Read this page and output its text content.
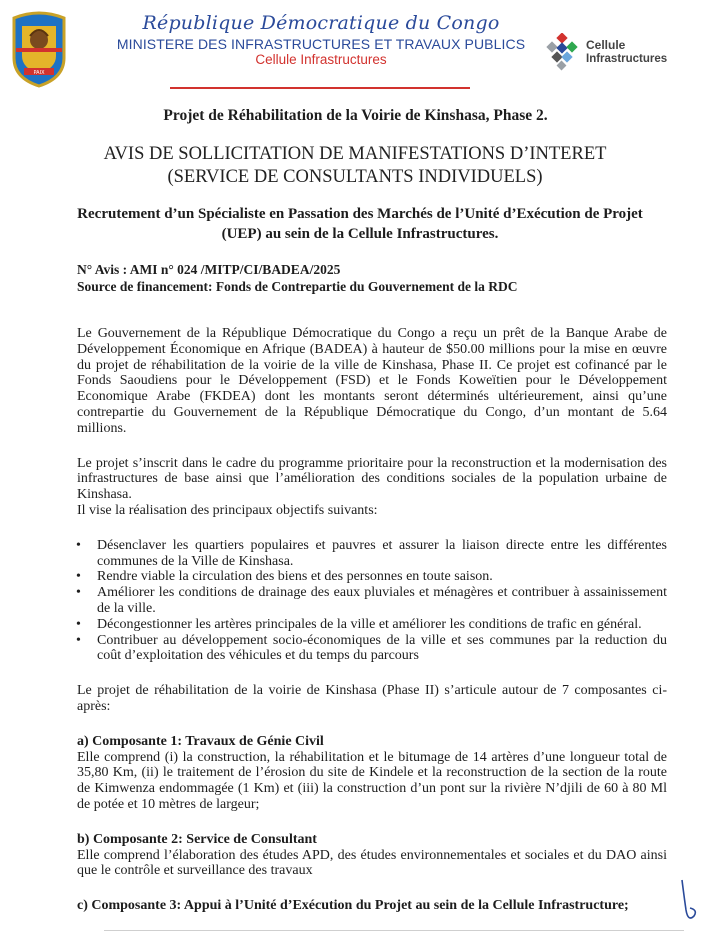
PAIX
République Démocratique du Congo
MINISTERE DES INFRASTRUCTURES ET TRAVAUX PUBLICS
Cellule Infrastructures
Cellule
Infrastructures
Projet de Réhabilitation de la Voirie de Kinshasa, Phase 2.
AVIS DE SOLLICITATION DE MANIFESTATIONS D’INTERET
(SERVICE DE CONSULTANTS INDIVIDUELS)
Recrutement d’un Spécialiste en Passation des Marchés de l’Unité d’Exécution de Projet (UEP) au sein de la Cellule Infrastructures.
N° Avis : AMI n° 024 /MITP/CI/BADEA/2025
Source de financement: Fonds de Contrepartie du Gouvernement de la RDC

Le Gouvernement de la République Démocratique du Congo a reçu un prêt de la Banque Arabe de Développement Économique en Afrique (BADEA) à hauteur de $50.00 millions pour la mise en œuvre du projet de réhabilitation de la voirie de la ville de Kinshasa, Phase II. Ce projet est cofinancé par le Fonds Saoudiens pour le Développement (FSD) et le Fonds Koweïtien pour le Développement Economique Arabe (FKDEA) dont les montants seront déterminés ultérieurement, ainsi qu’une contrepartie du Gouvernement de la République Démocratique du Congo, d’un montant de 5.64 millions.

Le projet s’inscrit dans le cadre du programme prioritaire pour la reconstruction et la modernisation des infrastructures de base ainsi que l’amélioration des conditions sociales de la population urbaine de Kinshasa.

Il vise la réalisation des principaux objectifs suivants:

• Désenclaver les quartiers populaires et pauvres et assurer la liaison directe entre les différentes communes de la Ville de Kinshasa.
• Rendre viable la circulation des biens et des personnes en toute saison.
• Améliorer les conditions de drainage des eaux pluviales et ménagères et contribuer à assainissement de la ville.
• Décongestionner les artères principales de la ville et améliorer les conditions de trafic en général.
• Contribuer au développement socio-économiques de la ville et ses communes par la reduction du coût d’exploitation des véhicules et du temps du parcours

Le projet de réhabilitation de la voirie de Kinshasa (Phase II) s’articule autour de 7 composantes ci-après:

a) Composante 1: Travaux de Génie Civil

Elle comprend (i) la construction, la réhabilitation et le bitumage de 14 artères d’une longueur total de 35,80 Km, (ii) le traitement de l’érosion du site de Kindele et la reconstruction de la section de la route de Kimwenza endommagée (1 Km) et (iii) la construction d’un pont sur la rivière N’djili de 60 à 80 Ml de potée et 10 mètres de largeur;

b) Composante 2: Service de Consultant

Elle comprend l’élaboration des études APD, des études environnementales et sociales et du DAO ainsi que le contrôle et surveillance des travaux

c) Composante 3: Appui à l’Unité d’Exécution du Projet au sein de la Cellule Infrastructure;
